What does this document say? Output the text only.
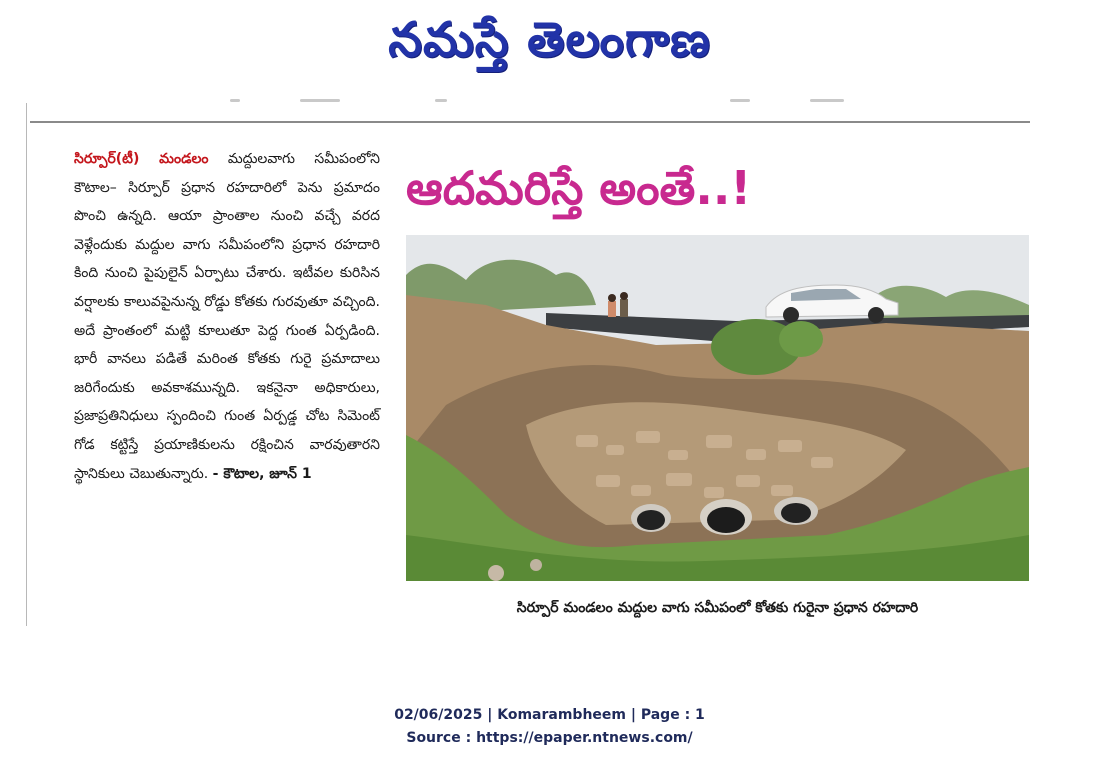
నమస్తే తెలంగాణ
సిర్పూర్(టీ) మండలం మద్దులవాగు సమీపంలోని కౌటాల– సిర్పూర్ ప్రధాన రహదారిలో పెను ప్రమాదం పొంచి ఉన్నది. ఆయా ప్రాంతాల నుంచి వచ్చే వరద వెళ్లేందుకు మద్దుల వాగు సమీపంలోని ప్రధాన రహదారి కింది నుంచి పైపులైన్ ఏర్పాటు చేశారు. ఇటీవల కురిసిన వర్షాలకు కాలువపైనున్న రోడ్డు కోతకు గురవుతూ వచ్చింది. అదే ప్రాంతంలో మట్టి కూలుతూ పెద్ద గుంత ఏర్పడింది. భారీ వానలు పడితే మరింత కోతకు గురై ప్రమాదాలు జరిగేందుకు అవకాశమున్నది. ఇకనైనా అధికారులు, ప్రజాప్రతినిధులు స్పందించి గుంత ఏర్పడ్డ చోట సిమెంట్ గోడ కట్టిస్తే ప్రయాణికులను రక్షించిన వారవుతారని స్థానికులు చెబుతున్నారు. - కౌటాల, జూన్ 1
ఆదమరిస్తే అంతే..!
సిర్పూర్ మండలం మద్దుల వాగు సమీపంలో కోతకు గురైనా ప్రధాన రహదారి
02/06/2025 | Komarambheem | Page : 1
Source : https://epaper.ntnews.com/
